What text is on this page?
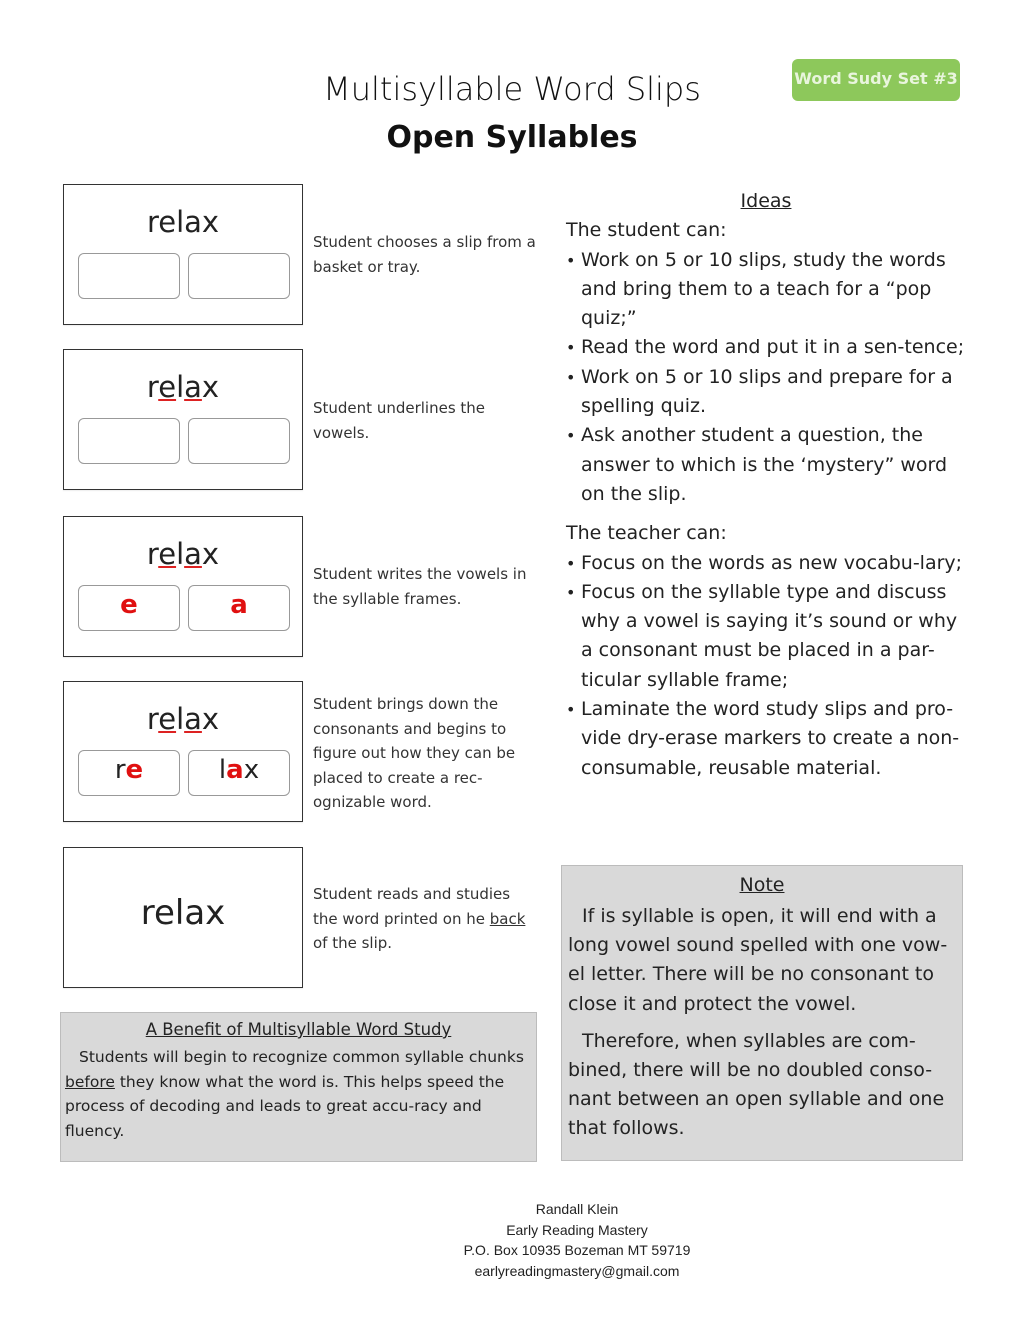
Multisyllable Word Slips
Open Syllables
Word Sudy Set #3
relax
Student chooses a slip from a basket or tray.
relax
Student underlines the vowels.
relax
e	a
Student writes the vowels in the syllable frames.
relax
re	lax
Student brings down the consonants and begins to figure out how they can be placed to create a rec-ognizable word.
relax	Student reads and studies the word printed on he back of the slip.
Ideas
The student can:
• Work on 5 or 10 slips, study the words and bring them to a teach for a “pop quiz;”
• Read the word and put it in a sen-tence;
• Work on 5 or 10 slips and prepare for a spelling quiz.
• Ask another student a question, the answer to which is the ‘mystery” word on the slip.
The teacher can:
• Focus on the words as new vocabu-lary;
• Focus on the syllable type and discuss why a vowel is saying it’s sound or why a consonant must be placed in a par-ticular syllable frame;
• Laminate the word study slips and pro-vide dry-erase markers to create a non-consumable, reusable material.
Note

If is syllable is open, it will end with a long vowel sound spelled with one vow-el letter. There will be no consonant to close it and protect the vowel.

Therefore, when syllables are com-bined, there will be no doubled conso-nant between an open syllable and one that follows.

A Benefit of Multisyllable Word Study

Students will begin to recognize common syllable chunks before they know what the word is. This helps speed the process of decoding and leads to great accu-racy and fluency.

Randall Klein
Early Reading Mastery
P.O. Box 10935 Bozeman MT 59719
earlyreadingmastery@gmail.com
